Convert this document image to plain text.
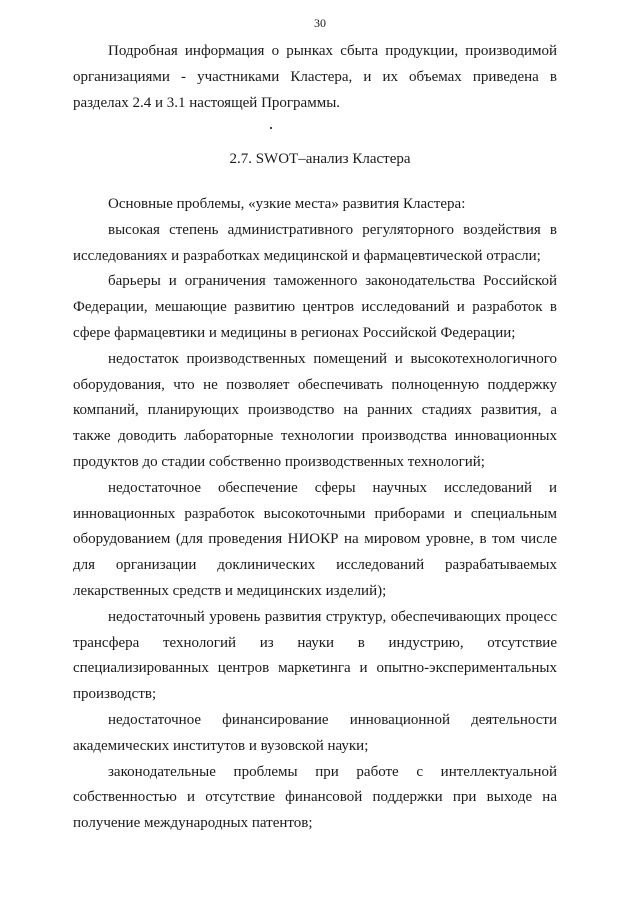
30

Подробная информация о рынках сбыта продукции, производимой организациями - участниками Кластера, и их объемах приведена в разделах 2.4 и 3.1 настоящей Программы.

2.7. SWOT–анализ Кластера

Основные проблемы, «узкие места» развития Кластера:

высокая степень административного регуляторного воздействия в исследованиях и разработках медицинской и фармацевтической отрасли;

барьеры и ограничения таможенного законодательства Российской Федерации, мешающие развитию центров исследований и разработок в сфере фармацевтики и медицины в регионах Российской Федерации;

недостаток производственных помещений и высокотехнологичного оборудования, что не позволяет обеспечивать полноценную поддержку компаний, планирующих производство на ранних стадиях развития, а также доводить лабораторные технологии производства инновационных продуктов до стадии собственно производственных технологий;

недостаточное обеспечение сферы научных исследований и инновационных разработок высокоточными приборами и специальным оборудованием (для проведения НИОКР на мировом уровне, в том числе для организации доклинических исследований разрабатываемых лекарственных средств и медицинских изделий);

недостаточный уровень развития структур, обеспечивающих процесс трансфера технологий из науки в индустрию, отсутствие специализированных центров маркетинга и опытно-экспериментальных производств;

недостаточное финансирование инновационной деятельности академических институтов и вузовской науки;

законодательные проблемы при работе с интеллектуальной собственностью и отсутствие финансовой поддержки при выходе на получение международных патентов;
